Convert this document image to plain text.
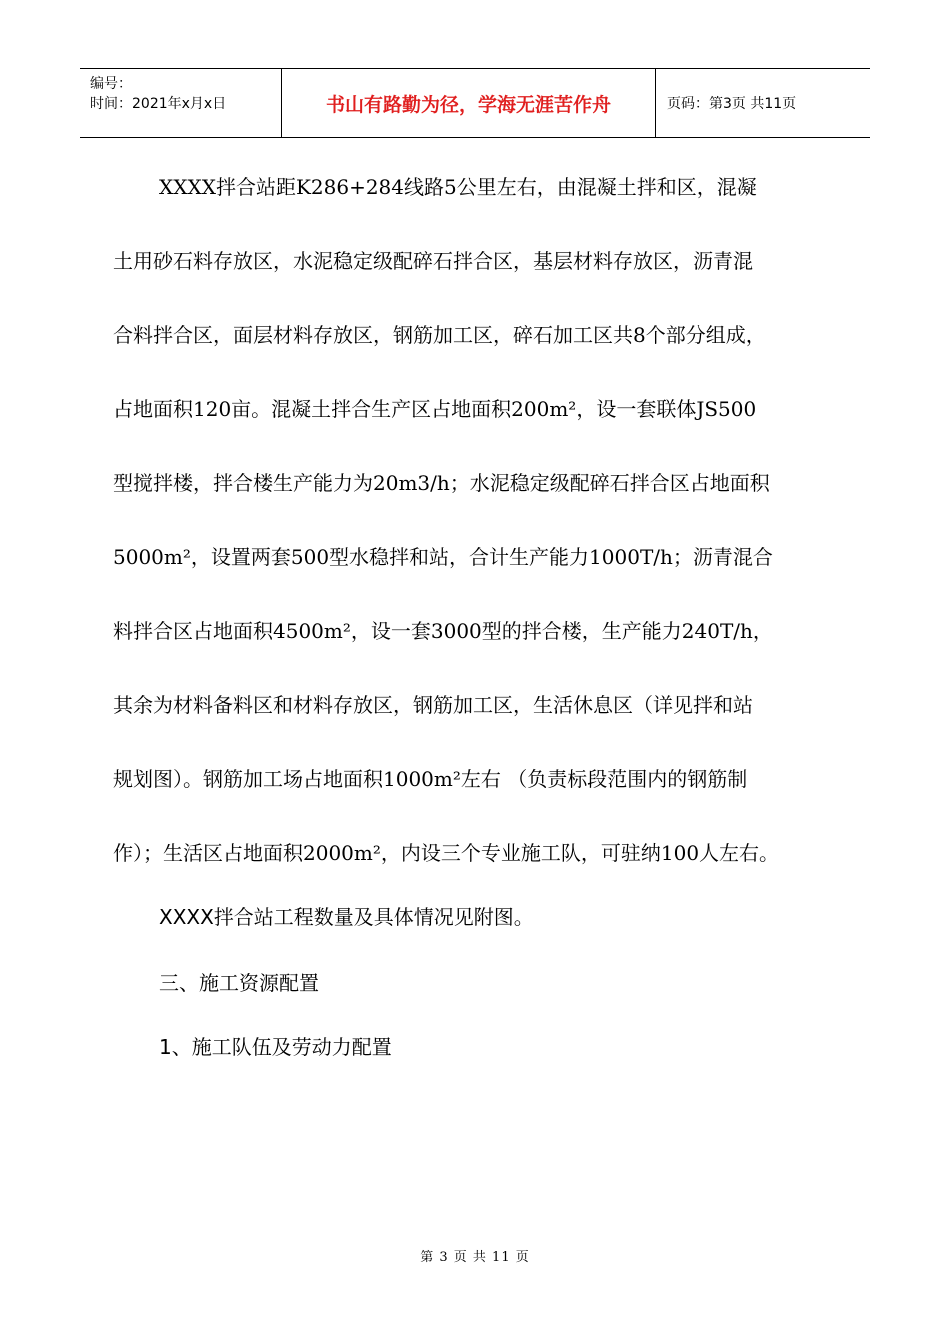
编号：
时间：2021年x月x日	书山有路勤为径，学海无涯苦作舟	页码：第3页 共11页
XXXX拌合站距K286+284线路5公里左右，由混凝土拌和区，混凝
土用砂石料存放区，水泥稳定级配碎石拌合区，基层材料存放区，沥青混
合料拌合区，面层材料存放区，钢筋加工区，碎石加工区共8个部分组成，
占地面积120亩。混凝土拌合生产区占地面积200m²，设一套联体JS500
型搅拌楼，拌合楼生产能力为20m3/h；水泥稳定级配碎石拌合区占地面积
5000m²，设置两套500型水稳拌和站，合计生产能力1000T/h；沥青混合
料拌合区占地面积4500m²，设一套3000型的拌合楼，生产能力240T/h，
其余为材料备料区和材料存放区，钢筋加工区，生活休息区（详见拌和站
规划图）。钢筋加工场占地面积1000m²左右 （负责标段范围内的钢筋制
作）；生活区占地面积2000m²，内设三个专业施工队，可驻纳100人左右。
XXXX拌合站工程数量及具体情况见附图。
三、施工资源配置
1、施工队伍及劳动力配置
第 3 页 共 11 页
